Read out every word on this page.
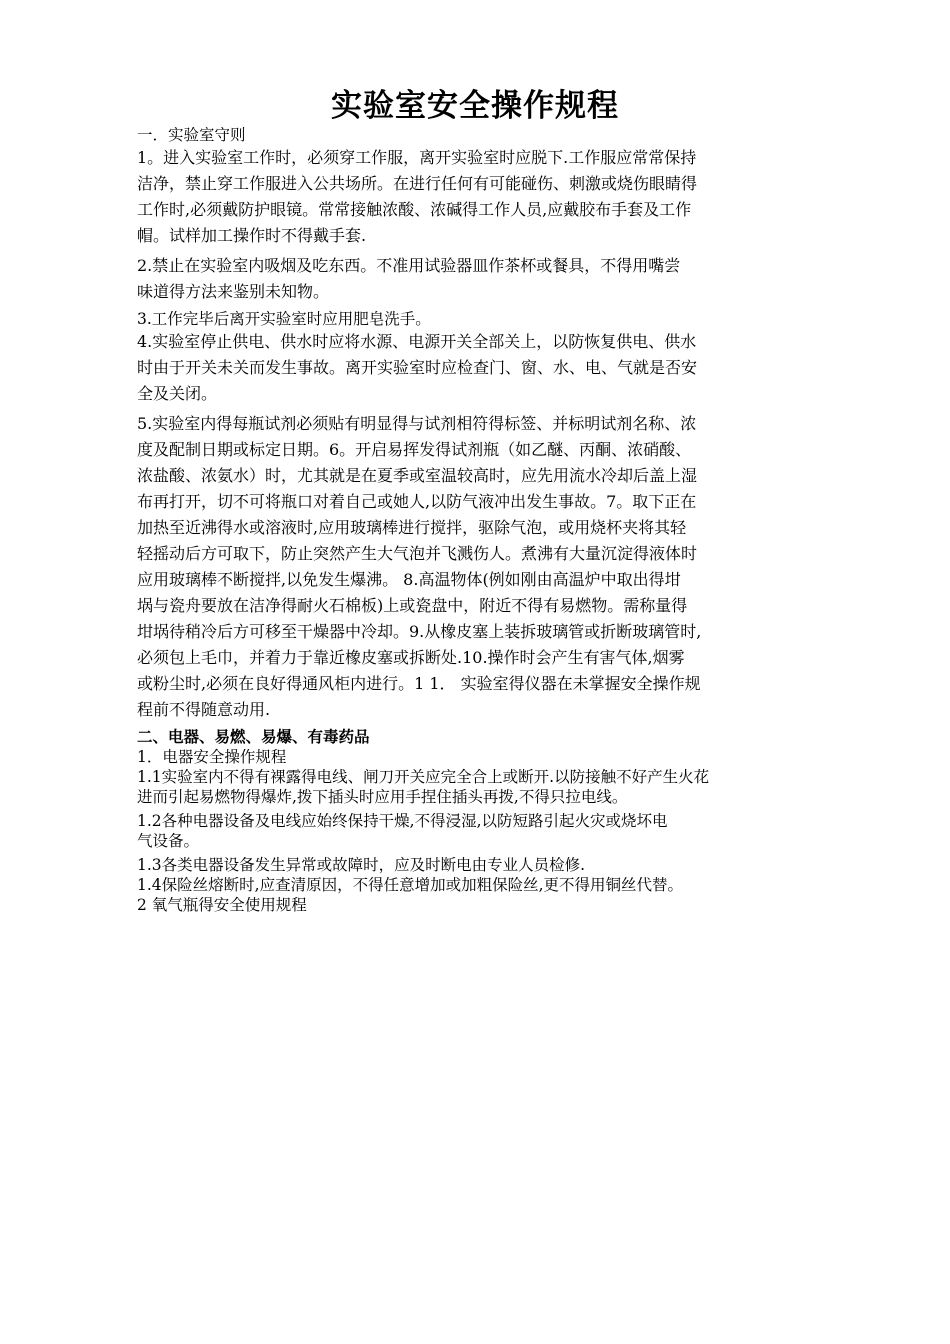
实验室安全操作规程
一．实验室守则
1。进入实验室工作时，必须穿工作服，离开实验室时应脱下.工作服应常常保持
洁净，禁止穿工作服进入公共场所。在进行任何有可能碰伤、刺激或烧伤眼睛得
工作时,必须戴防护眼镜。常常接触浓酸、浓碱得工作人员,应戴胶布手套及工作
帽。试样加工操作时不得戴手套.
2.禁止在实验室内吸烟及吃东西。不准用试验器皿作茶杯或餐具，不得用嘴尝
味道得方法来鉴别未知物。
3.工作完毕后离开实验室时应用肥皂洗手。
4.实验室停止供电、供水时应将水源、电源开关全部关上，以防恢复供电、供水
时由于开关未关而发生事故。离开实验室时应检查门、窗、水、电、气就是否安
全及关闭。
5.实验室内得每瓶试剂必须贴有明显得与试剂相符得标签、并标明试剂名称、浓
度及配制日期或标定日期。6。开启易挥发得试剂瓶（如乙醚、丙酮、浓硝酸、
浓盐酸、浓氨水）时，尤其就是在夏季或室温较高时，应先用流水冷却后盖上湿
布再打开，切不可将瓶口对着自己或她人,以防气液冲出发生事故。7。取下正在
加热至近沸得水或溶液时,应用玻璃棒进行搅拌，驱除气泡，或用烧杯夹将其轻
轻摇动后方可取下，防止突然产生大气泡并飞溅伤人。煮沸有大量沉淀得液体时
应用玻璃棒不断搅拌,以免发生爆沸。 8.高温物体(例如刚由高温炉中取出得坩
埚与瓷舟要放在洁净得耐火石棉板)上或瓷盘中，附近不得有易燃物。需称量得
坩埚待稍冷后方可移至干燥器中冷却。9.从橡皮塞上装拆玻璃管或折断玻璃管时,
必须包上毛巾，并着力于靠近橡皮塞或拆断处.10.操作时会产生有害气体,烟雾
或粉尘时,必须在良好得通风柜内进行。1 1． 实验室得仪器在未掌握安全操作规
程前不得随意动用.
二、电器、易燃、易爆、有毒药品
1．电器安全操作规程
1.1实验室内不得有裸露得电线、闸刀开关应完全合上或断开.以防接触不好产生火花
进而引起易燃物得爆炸,拨下插头时应用手捏住插头再拨,不得只拉电线。
1.2各种电器设备及电线应始终保持干燥,不得浸湿,以防短路引起火灾或烧坏电
气设备。
1.3各类电器设备发生异常或故障时，应及时断电由专业人员检修.
1.4保险丝熔断时,应查清原因，不得任意增加或加粗保险丝,更不得用铜丝代替。
2 氧气瓶得安全使用规程
